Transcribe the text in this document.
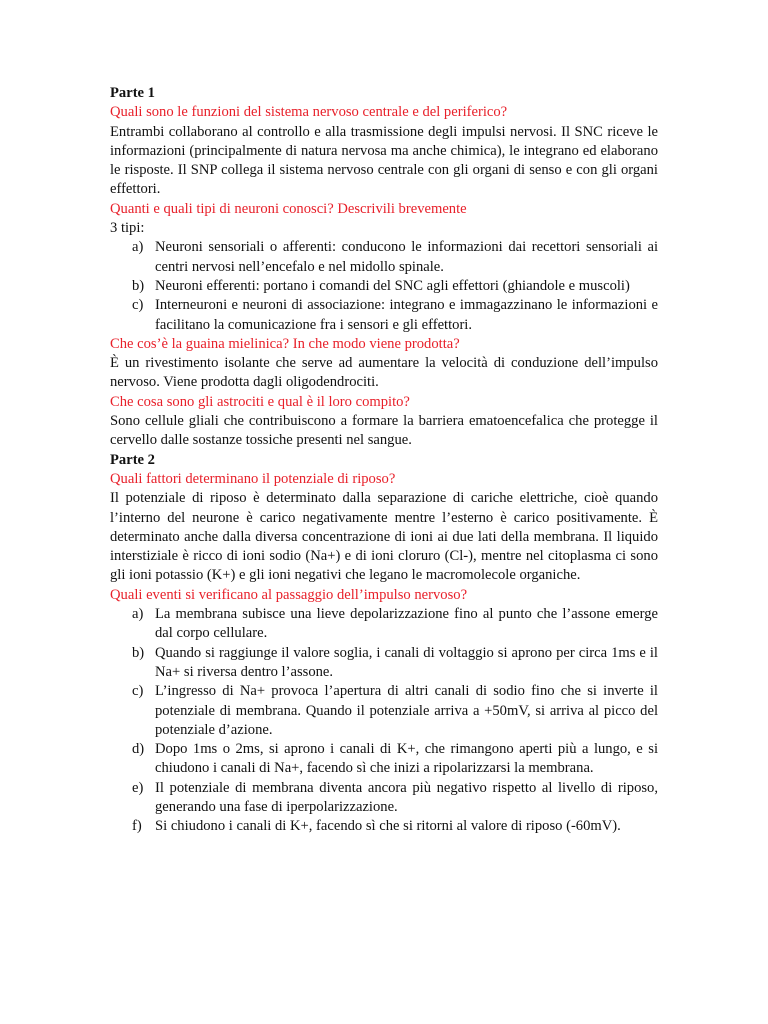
Parte 1

Quali sono le funzioni del sistema nervoso centrale e del periferico?

Entrambi collaborano al controllo e alla trasmissione degli impulsi nervosi. Il SNC riceve le informazioni (principalmente di natura nervosa ma anche chimica), le integrano ed elaborano le risposte. Il SNP collega il sistema nervoso centrale con gli organi di senso e con gli organi effettori.

Quanti e quali tipi di neuroni conosci? Descrivili brevemente

3 tipi:

a) Neuroni sensoriali o afferenti: conducono le informazioni dai recettori sensoriali ai centri nervosi nell’encefalo e nel midollo spinale.
b) Neuroni efferenti: portano i comandi del SNC agli effettori (ghiandole e muscoli)
c) Interneuroni e neuroni di associazione: integrano e immagazzinano le informazioni e facilitano la comunicazione fra i sensori e gli effettori.

Che cos’è la guaina mielinica? In che modo viene prodotta?

È un rivestimento isolante che serve ad aumentare la velocità di conduzione dell’impulso nervoso. Viene prodotta dagli oligodendrociti.

Che cosa sono gli astrociti e qual è il loro compito?

Sono cellule gliali che contribuiscono a formare la barriera ematoencefalica che protegge il cervello dalle sostanze tossiche presenti nel sangue.

Parte 2

Quali fattori determinano il potenziale di riposo?

Il potenziale di riposo è determinato dalla separazione di cariche elettriche, cioè quando l’interno del neurone è carico negativamente mentre l’esterno è carico positivamente. È determinato anche dalla diversa concentrazione di ioni ai due lati della membrana. Il liquido interstiziale è ricco di ioni sodio (Na+) e di ioni cloruro (Cl-), mentre nel citoplasma ci sono gli ioni potassio (K+) e gli ioni negativi che legano le macromolecole organiche.

Quali eventi si verificano al passaggio dell’impulso nervoso?

a) La membrana subisce una lieve depolarizzazione fino al punto che l’assone emerge dal corpo cellulare.
b) Quando si raggiunge il valore soglia, i canali di voltaggio si aprono per circa 1ms e il Na+ si riversa dentro l’assone.
c) L’ingresso di Na+ provoca l’apertura di altri canali di sodio fino che si inverte il potenziale di membrana. Quando il potenziale arriva a +50mV, si arriva al picco del potenziale d’azione.
d) Dopo 1ms o 2ms, si aprono i canali di K+, che rimangono aperti più a lungo, e si chiudono i canali di Na+, facendo sì che inizi a ripolarizzarsi la membrana.
e) Il potenziale di membrana diventa ancora più negativo rispetto al livello di riposo, generando una fase di iperpolarizzazione.
f) Si chiudono i canali di K+, facendo sì che si ritorni al valore di riposo (-60mV).
